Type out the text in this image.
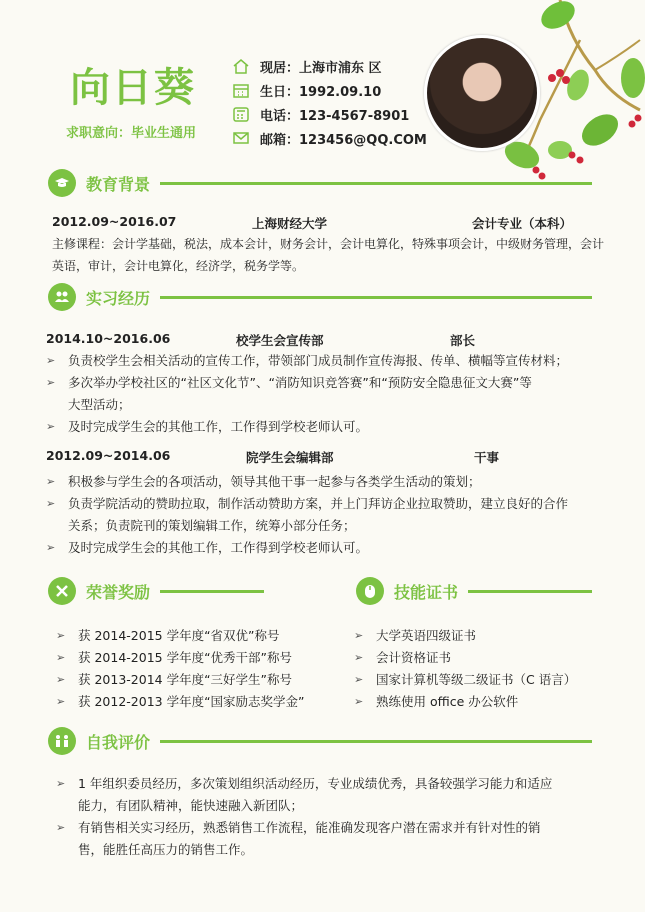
向日葵
求职意向：毕业生通用
现居：上海市浦东 区
生日：1992.09.10
电话：123-4567-8901
邮箱：123456@QQ.COM
教育背景
2012.09~2016.07	上海财经大学	会计专业（本科）
主修课程：会计学基础，税法，成本会计，财务会计，会计电算化，特殊事项会计，中级财务管理，会计
英语，审计，会计电算化，经济学，税务学等。
实习经历
2014.10~2016.06	校学生会宣传部	部长
➢	负责校学生会相关活动的宣传工作，带领部门成员制作宣传海报、传单、横幅等宣传材料；
➢	多次举办学校社区的“社区文化节”、“消防知识竞答赛”和“预防安全隐患征文大赛”等
大型活动；
➢	及时完成学生会的其他工作，工作得到学校老师认可。
2012.09~2014.06	院学生会编辑部	干事
➢	积极参与学生会的各项活动，领导其他干事一起参与各类学生活动的策划；
➢	负责学院活动的赞助拉取，制作活动赞助方案，并上门拜访企业拉取赞助，建立良好的合作
关系；负责院刊的策划编辑工作，统筹小部分任务；
➢	及时完成学生会的其他工作，工作得到学校老师认可。
荣誉奖励
➢	获 2014-2015 学年度“省双优”称号
➢	获 2014-2015 学年度“优秀干部”称号
➢	获 2013-2014 学年度“三好学生”称号
➢	获 2012-2013 学年度“国家励志奖学金”
技能证书
➢	大学英语四级证书
➢	会计资格证书
➢	国家计算机等级二级证书（C 语言）
➢	熟练使用 office 办公软件
自我评价
➢	1 年组织委员经历，多次策划组织活动经历，专业成绩优秀，具备较强学习能力和适应
能力，有团队精神，能快速融入新团队；
➢	有销售相关实习经历，熟悉销售工作流程，能准确发现客户潜在需求并有针对性的销
售，能胜任高压力的销售工作。
